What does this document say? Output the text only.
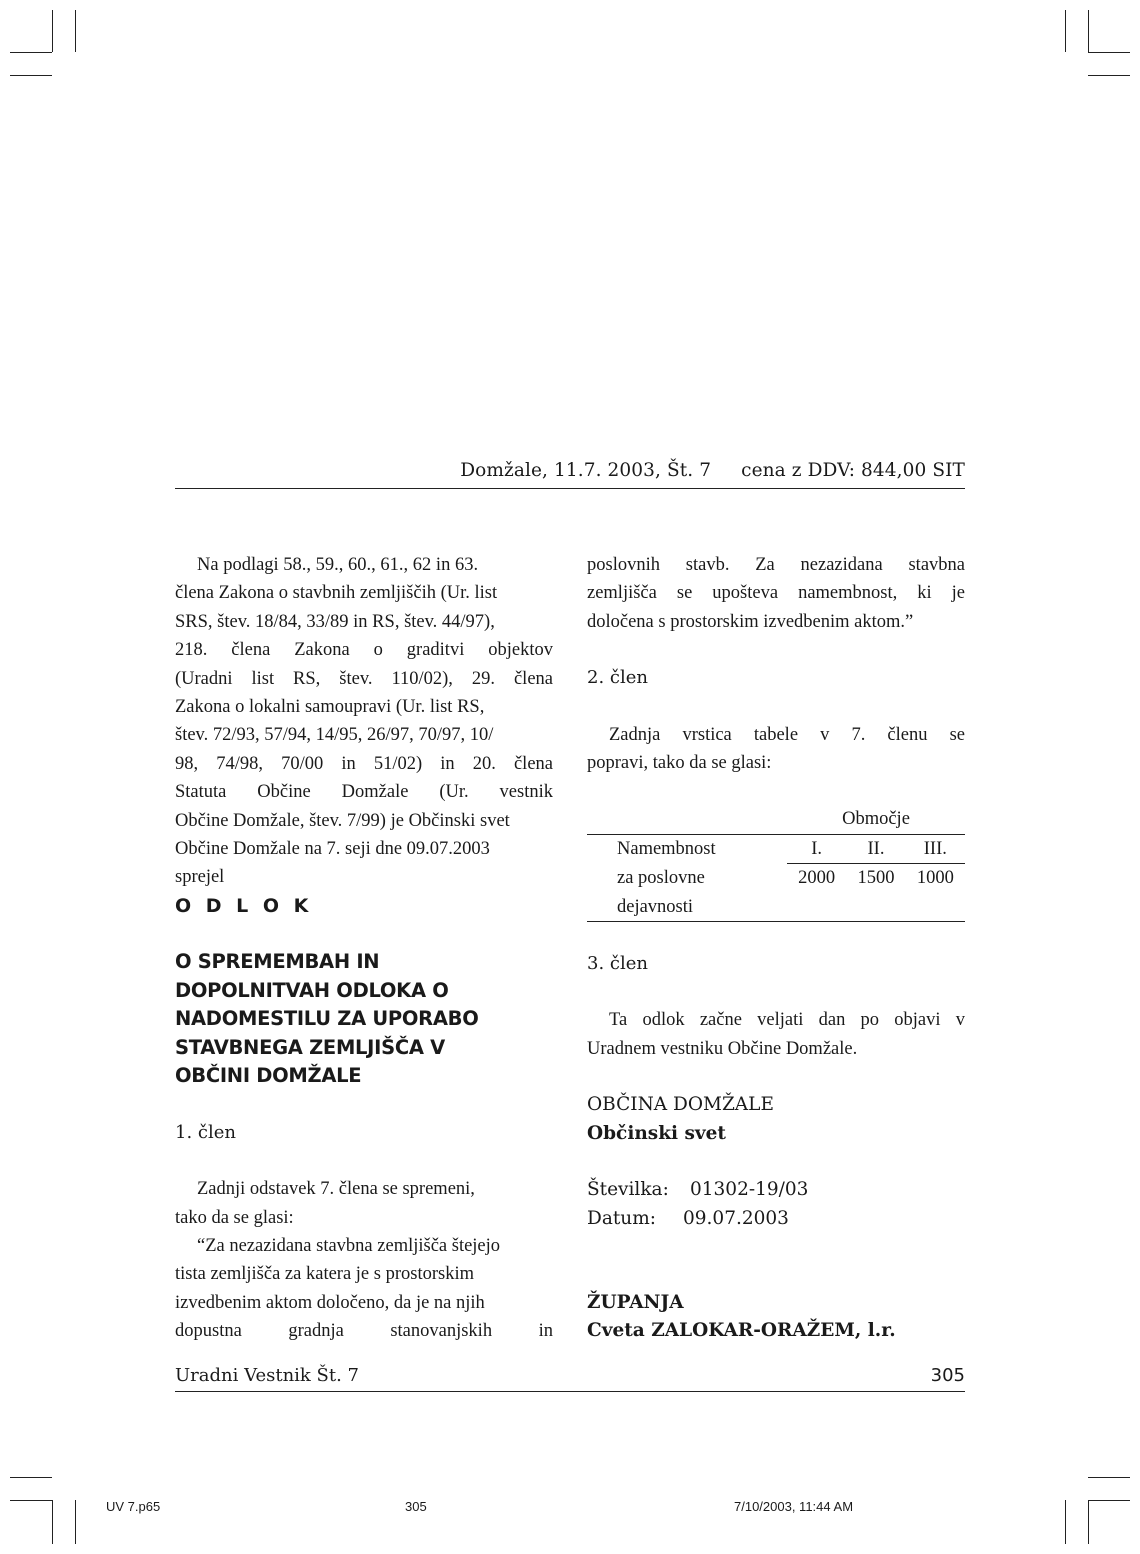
Domžale, 11.7. 2003, Št. 7 cena z DDV: 844,00 SIT

Na podlagi 58., 59., 60., 61., 62 in 63.

člena Zakona o stavbnih zemljiščih (Ur. list

SRS, štev. 18/84, 33/89 in RS, štev. 44/97),

218. člena Zakona o graditvi objektov

(Uradni list RS, štev. 110/02), 29. člena

Zakona o lokalni samoupravi (Ur. list RS,

štev. 72/93, 57/94, 14/95, 26/97, 70/97, 10/

98, 74/98, 70/00 in 51/02) in 20. člena

Statuta Občine Domžale (Ur. vestnik

Občine Domžale, štev. 7/99) je Občinski svet

Občine Domžale na 7. seji dne 09.07.2003

sprejel

O D L O K

O SPREMEMBAH IN

DOPOLNITVAH ODLOKA O

NADOMESTILU ZA UPORABO

STAVBNEGA ZEMLJIŠČA V

OBČINI DOMŽALE

1. člen

Zadnji odstavek 7. člena se spremeni,

tako da se glasi:

“Za nezazidana stavbna zemljišča štejejo

tista zemljišča za katera je s prostorskim

izvedbenim aktom določeno, da je na njih

dopustna gradnja stanovanjskih in

poslovnih stavb. Za nezazidana stavbna

zemljišča se upošteva namembnost, ki je

določena s prostorskim izvedbenim aktom.”

2. člen

Zadnja vrstica tabele v 7. členu se

popravi, tako da se glasi:

	Območje		
Namembnost	I.	II.	III.
za poslovne	2000	1500	1000
dejavnosti			

3. člen

Ta odlok začne veljati dan po objavi v

Uradnem vestniku Občine Domžale.

OBČINA DOMŽALE

Občinski svet

Številka: 01302-19/03

Datum: 09.07.2003

ŽUPANJA

Cveta ZALOKAR-ORAŽEM, l.r.

Uradni Vestnik Št. 7	305
UV 7.p65	305	7/10/2003, 11:44 AM
